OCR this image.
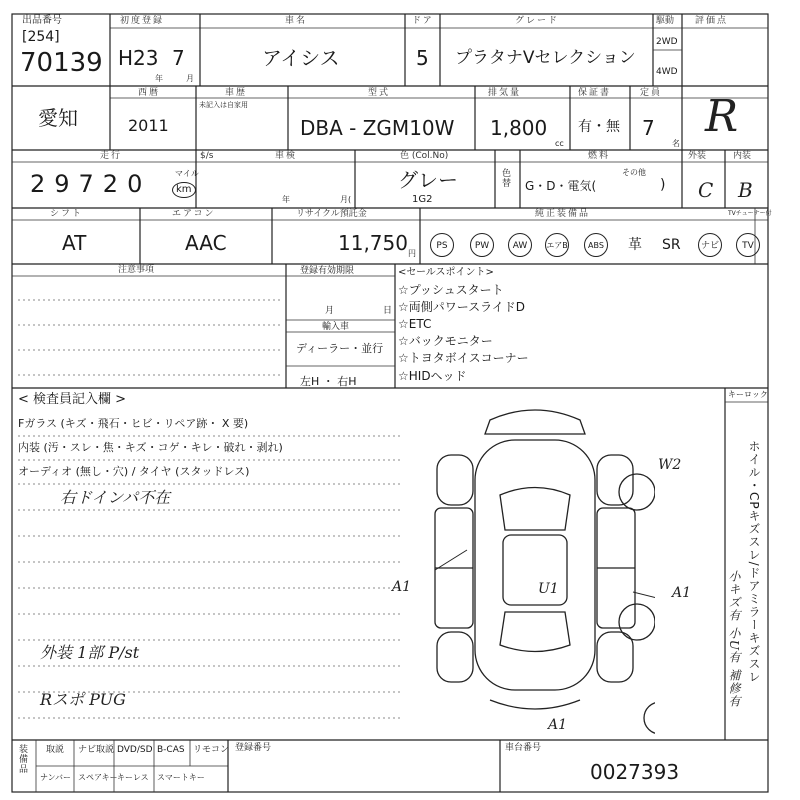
出品番号
[254]
70139
初度登録
H23 7
年	月
車名
アイシス
ドア
5
グレード
プラタナVセレクション
駆動
2WD
4WD
評価点
R
愛知
西暦
2011
車歴
未記入は自家用
型式
DBA - ZGM10W
排気量
1,800
cc
保証書
有・無
定員
7
名
走行
29720	マイル
km
$/s	車検
年	月(
色 (Col.No)
グレー
1G2
色替
燃料
G・D・電気(
その他
)
外装
C
内装
B
シフト
AT
エアコン
AAC
リサイクル預託金
11,750 円
純正装備品	TVチューナー付
PS	PW	AW	エアB	ABS 革 SR	ナビ	TV
注意事項	登録有効期限
月	日
輸入車
ディーラー・並行
左H ・ 右H
<セールスポイント>
☆プッシュスタート
☆両側パワースライドD
☆ETC
☆バックモニター
☆トヨタボイスコーナー
☆HIDヘッド
< 検査員記入欄 >
Fガラス (キズ・飛石・ヒビ・リペア跡・ X 要)
内装 (汚・スレ・焦・キズ・コゲ・キレ・破れ・剥れ)
オーディオ (無し・穴) / タイヤ (スタッドレス)
右ドインパ不在
外装 1部 P/st
Rスポ PUG
W2
A1	U1	A1
A1
キーロック
ホイル・CPキズスレ/ドアミラーキズスレ
小キズ有 小U有 補修有
装備品 取説 ナビ取説 DVD/SD B-CAS リモコン
ナンバー スペアキー キーレス スマートキー
登録番号	車台番号
0027393
